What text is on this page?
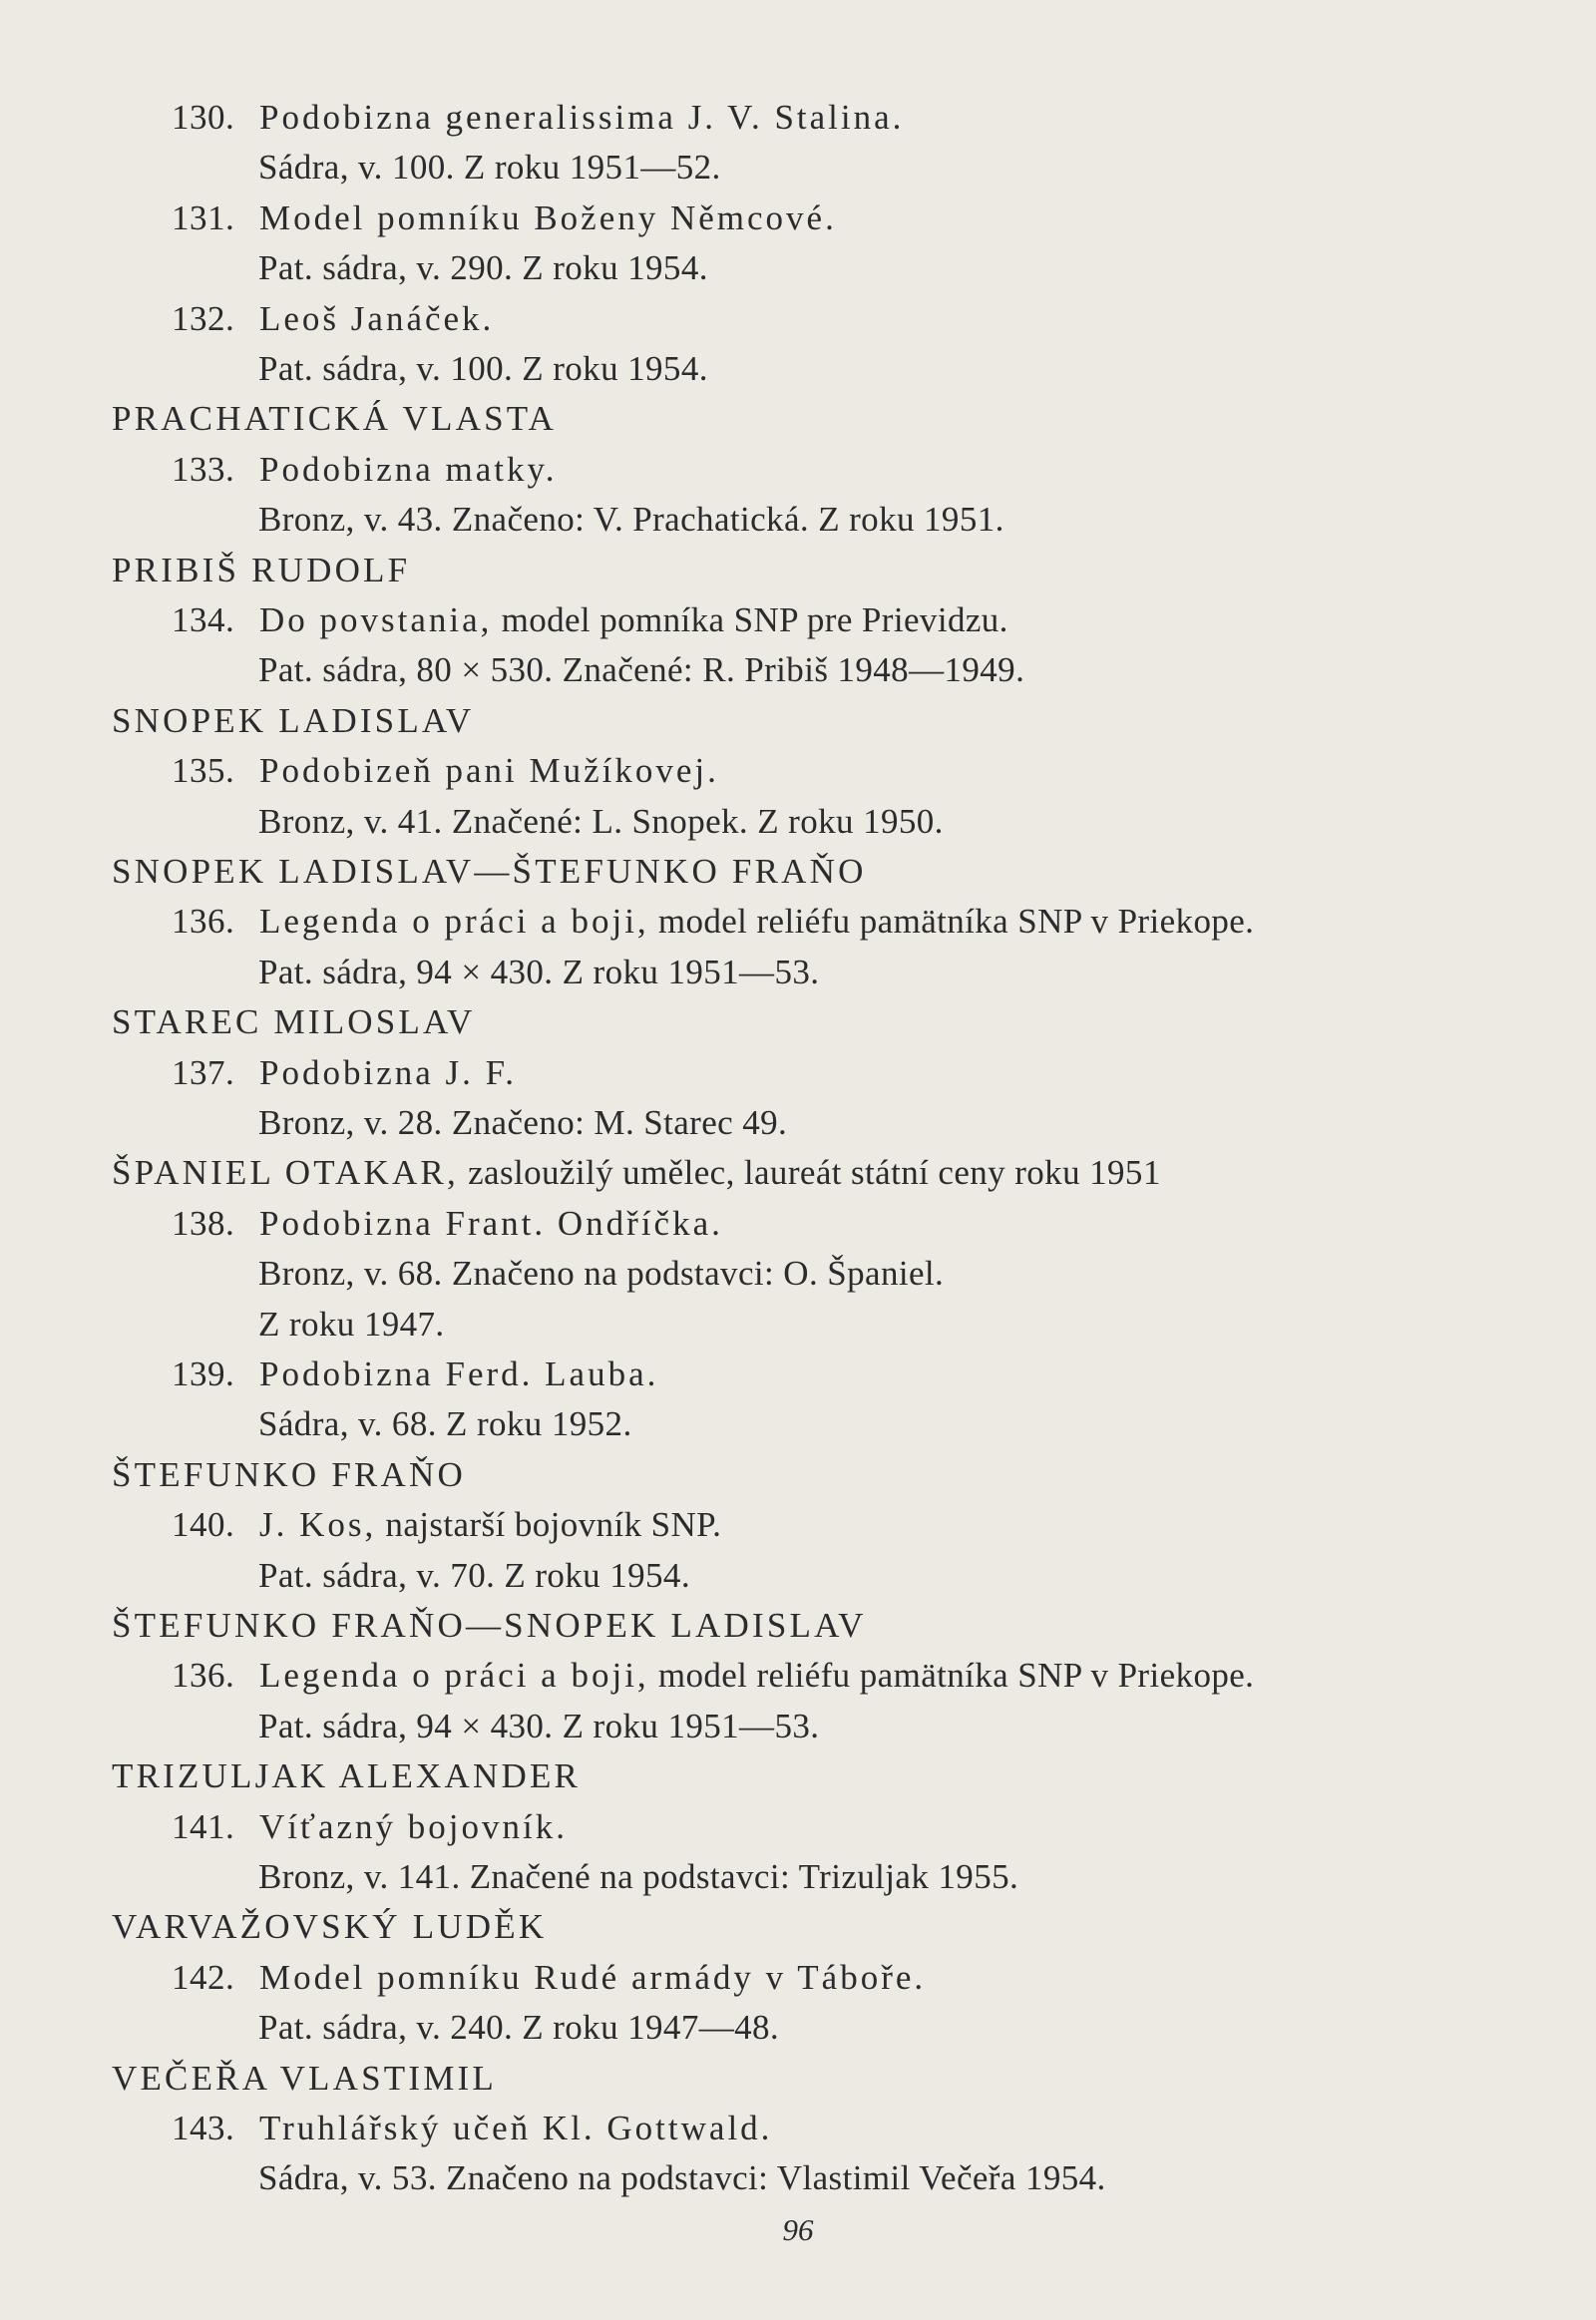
130. Podobizna generalissima J. V. Stalina.
Sádra, v. 100. Z roku 1951—52.
131. Model pomníku Boženy Němcové.
Pat. sádra, v. 290. Z roku 1954.
132. Leoš Janáček.
Pat. sádra, v. 100. Z roku 1954.
PRACHATICKÁ VLASTA
133. Podobizna matky.
Bronz, v. 43. Značeno: V. Prachatická. Z roku 1951.
PRIBIŠ RUDOLF
134. Do povstania, model pomníka SNP pre Prievidzu.
Pat. sádra, 80 × 530. Značené: R. Pribiš 1948—1949.
SNOPEK LADISLAV
135. Podobizeň pani Mužíkovej.
Bronz, v. 41. Značené: L. Snopek. Z roku 1950.
SNOPEK LADISLAV—ŠTEFUNKO FRAŇO
136. Legenda o práci a boji, model reliéfu pamätníka SNP v Priekope.
Pat. sádra, 94 × 430. Z roku 1951—53.
STAREC MILOSLAV
137. Podobizna J. F.
Bronz, v. 28. Značeno: M. Starec 49.
ŠPANIEL OTAKAR, zasloužilý umělec, laureát státní ceny roku 1951
138. Podobizna Frant. Ondříčka.
Bronz, v. 68. Značeno na podstavci: O. Španiel.
Z roku 1947.
139. Podobizna Ferd. Lauba.
Sádra, v. 68. Z roku 1952.
ŠTEFUNKO FRAŇO
140. J. Kos, najstarší bojovník SNP.
Pat. sádra, v. 70. Z roku 1954.
ŠTEFUNKO FRAŇO—SNOPEK LADISLAV
136. Legenda o práci a boji, model reliéfu pamätníka SNP v Priekope.
Pat. sádra, 94 × 430. Z roku 1951—53.
TRIZULJAK ALEXANDER
141. Víťazný bojovník.
Bronz, v. 141. Značené na podstavci: Trizuljak 1955.
VARVAŽOVSKÝ LUDĚK
142. Model pomníku Rudé armády v Táboře.
Pat. sádra, v. 240. Z roku 1947—48.
VEČEŘA VLASTIMIL
143. Truhlářský učeň Kl. Gottwald.
Sádra, v. 53. Značeno na podstavci: Vlastimil Večeřa 1954.
96
